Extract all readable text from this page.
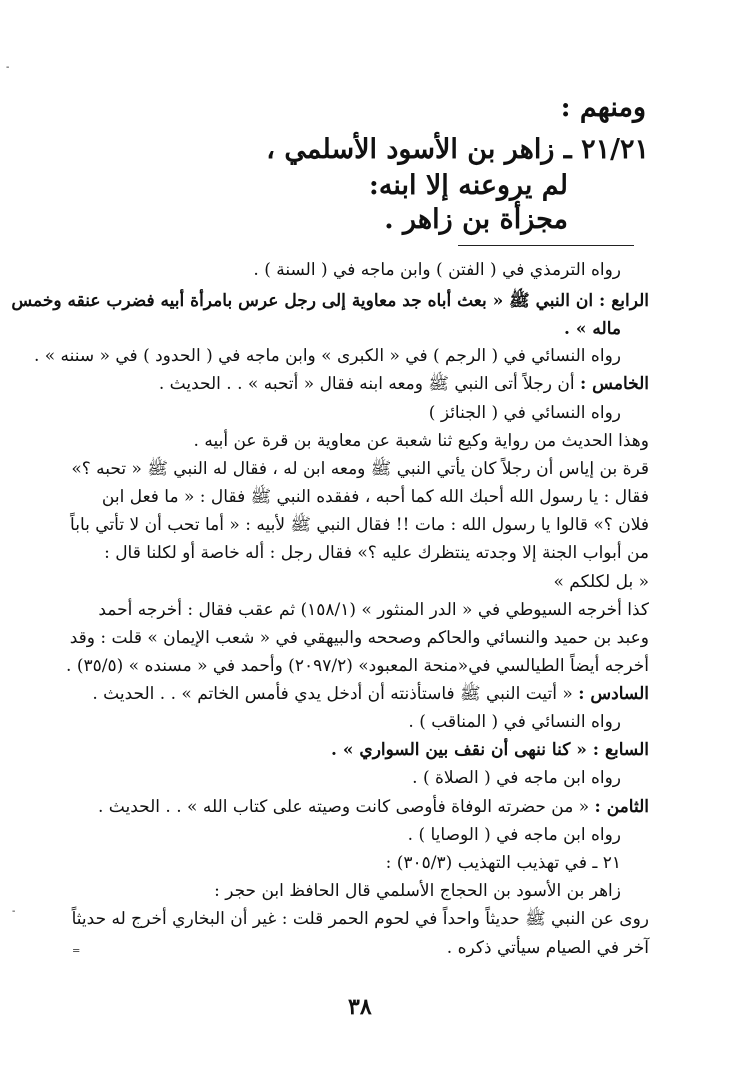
ومنهم :
٢١/٢١ ـ زاهر بن الأسود الأسلمي ،
لم يروعنه إلا ابنه:
مجزأة بن زاهر .
رواه الترمذي في ( الفتن ) وابن ماجه في ( السنة ) .
الرابع : ان النبي ﷺ « بعث أباه جد معاوية إلى رجل عرس بامرأة أبيه فضرب عنقه وخمس
ماله » .
رواه النسائي في ( الرجم ) في « الكبرى » وابن ماجه في ( الحدود ) في « سننه » .
الخامس : أن رجلاً أتى النبي ﷺ ومعه ابنه فقال « أتحبه » . . الحديث .
رواه النسائي في ( الجنائز )
وهذا الحديث من رواية وكيع ثنا شعبة عن معاوية بن قرة عن أبيه .
قرة بن إياس أن رجلاً كان يأتي النبي ﷺ ومعه ابن له ، فقال له النبي ﷺ « تحبه ؟»
فقال : يا رسول الله أحبك الله كما أحبه ، ففقده النبي ﷺ فقال : « ما فعل ابن
فلان ؟» قالوا يا رسول الله : مات !! فقال النبي ﷺ لأبيه : « أما تحب أن لا تأتي باباً
من أبواب الجنة إلا وجدته ينتظرك عليه ؟» فقال رجل : أله خاصة أو لكلنا قال :
« بل لكلكم »
كذا أخرجه السيوطي في « الدر المنثور » (١٥٨/١) ثم عقب فقال : أخرجه أحمد
وعبد بن حميد والنسائي والحاكم وصححه والبيهقي في « شعب الإيمان » قلت : وقد
أخرجه أيضاً الطيالسي في«منحة المعبود» (٢٠٩٧/٢) وأحمد في « مسنده » (٣٥/٥) .
السادس : « أتيت النبي ﷺ فاستأذنته أن أدخل يدي فأمس الخاتم » . . الحديث .
رواه النسائي في ( المناقب ) .
السابع : « كنا ننهى أن نقف بين السواري » .
رواه ابن ماجه في ( الصلاة ) .
الثامن : « من حضرته الوفاة فأوصى كانت وصيته على كتاب الله » . . الحديث .
رواه ابن ماجه في ( الوصايا ) .
٢١ ـ في تهذيب التهذيب (٣٠٥/٣) :
زاهر بن الأسود بن الحجاج الأسلمي قال الحافظ ابن حجر :
روى عن النبي ﷺ حديثاً واحداً في لحوم الحمر قلت : غير أن البخاري أخرج له حديثاً
آخر في الصيام سيأتي ذكره .
٣٨
-
-
=
